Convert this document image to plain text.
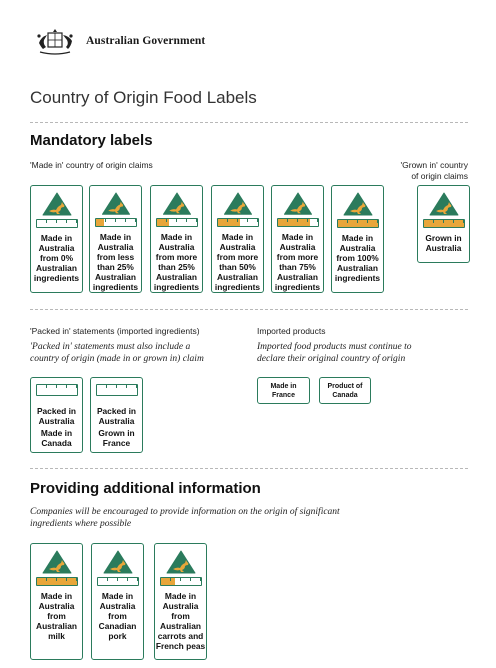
Australian Government
Country of Origin Food Labels
Mandatory labels
'Made in' country of origin claims	'Grown in' country
of origin claims
Made in
Australia
from 0%
Australian
ingredients
Made in
Australia
from less
than 25%
Australian
ingredients
Made in
Australia
from more
than 25%
Australian
ingredients
Made in
Australia
from more
than 50%
Australian
ingredients
Made in
Australia
from more
than 75%
Australian
ingredients
Made in
Australia
from 100%
Australian
ingredients
Grown in
Australia
'Packed in' statements (imported ingredients)
'Packed in' statements must also include a
country of origin (made in or grown in) claim
Packed in
Australia
Made in
Canada
Packed in
Australia
Grown in
France
Imported products
Imported food products must continue to
declare their original country of origin
Made in
France
Product of
Canada
Providing additional information
Companies will be encouraged to provide information on the origin of significant
ingredients where possible
Made in
Australia
from
Australian
milk
Made in
Australia
from
Canadian
pork
Made in
Australia
from
Australian
carrots and
French peas
